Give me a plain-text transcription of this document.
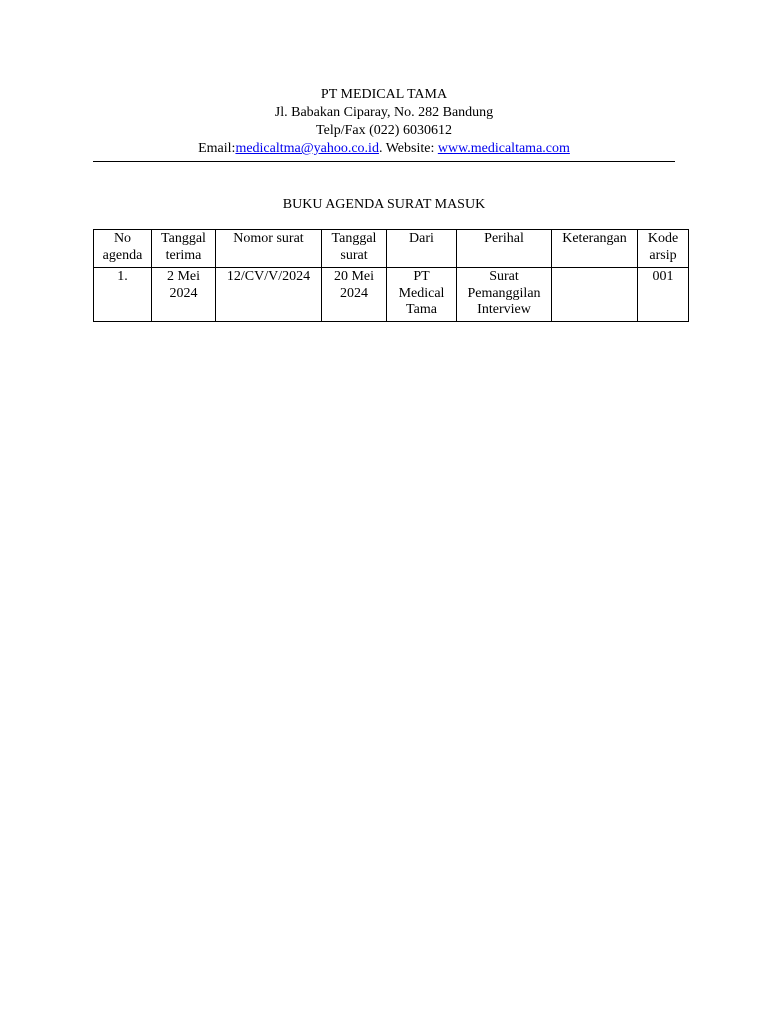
PT MEDICAL TAMA
Jl. Babakan Ciparay, No. 282 Bandung
Telp/Fax (022) 6030612
Email:medicaltma@yahoo.co.id. Website: www.medicaltama.com
BUKU AGENDA SURAT MASUK
No agenda	Tanggal terima	Nomor surat	Tanggal surat	Dari	Perihal	Keterangan	Kode arsip
1.	2 Mei 2024	12/CV/V/2024	20 Mei 2024	PT Medical Tama	Surat Pemanggilan Interview		001
